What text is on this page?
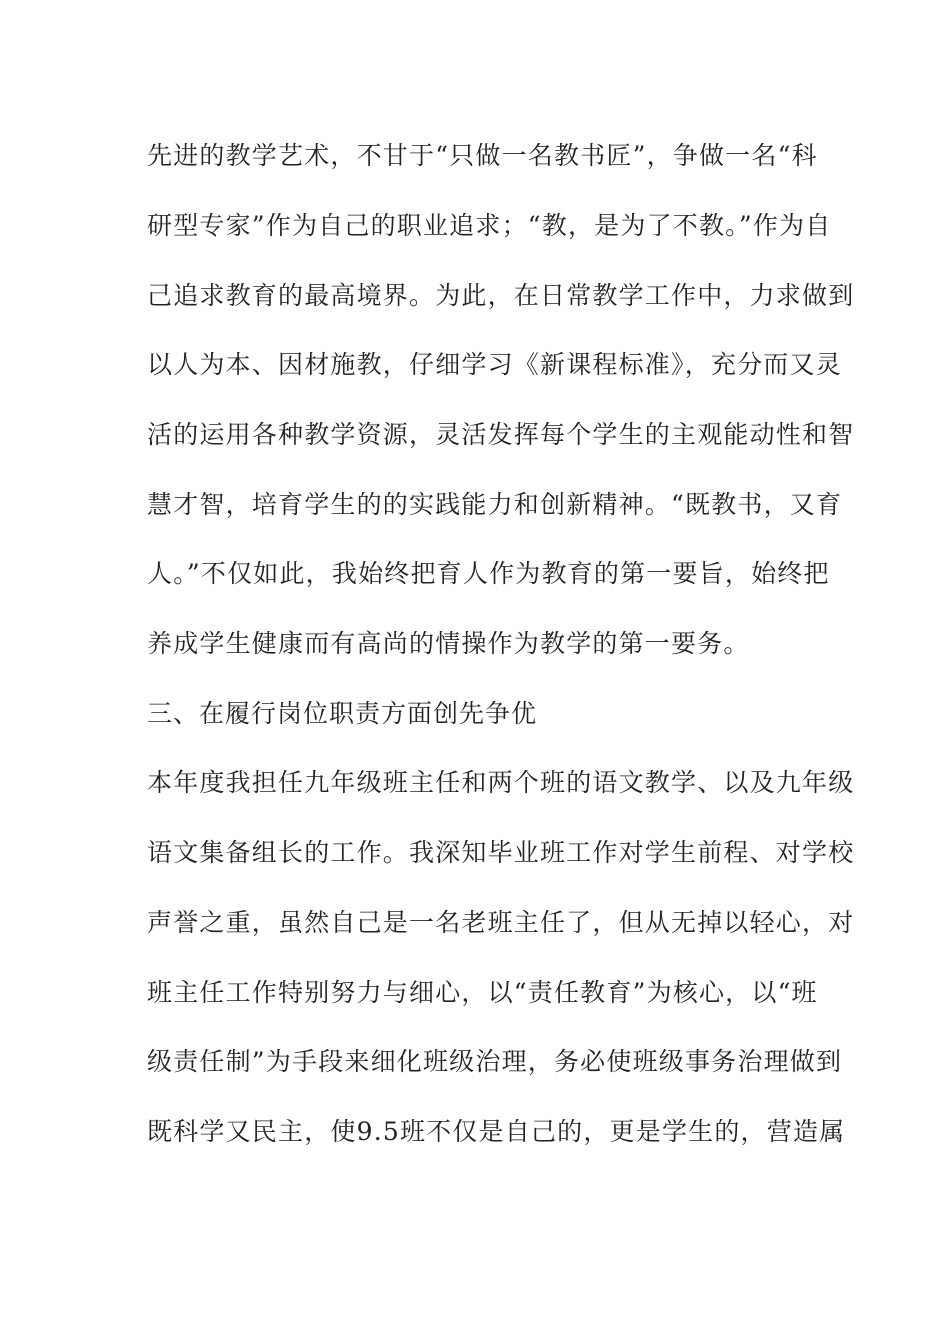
先进的教学艺术，不甘于“只做一名教书匠”，争做一名“科
研型专家”作为自己的职业追求；“教，是为了不教。”作为自
己追求教育的最高境界。为此，在日常教学工作中，力求做到
以人为本、因材施教，仔细学习《新课程标准》，充分而又灵
活的运用各种教学资源，灵活发挥每个学生的主观能动性和智
慧才智，培育学生的的实践能力和创新精神。“既教书，又育
人。”不仅如此，我始终把育人作为教育的第一要旨，始终把
养成学生健康而有高尚的情操作为教学的第一要务。
三、在履行岗位职责方面创先争优
本年度我担任九年级班主任和两个班的语文教学、以及九年级
语文集备组长的工作。我深知毕业班工作对学生前程、对学校
声誉之重，虽然自己是一名老班主任了，但从无掉以轻心，对
班主任工作特别努力与细心，以“责任教育”为核心，以“班
级责任制”为手段来细化班级治理，务必使班级事务治理做到
既科学又民主，使9.5班不仅是自己的，更是学生的，营造属
